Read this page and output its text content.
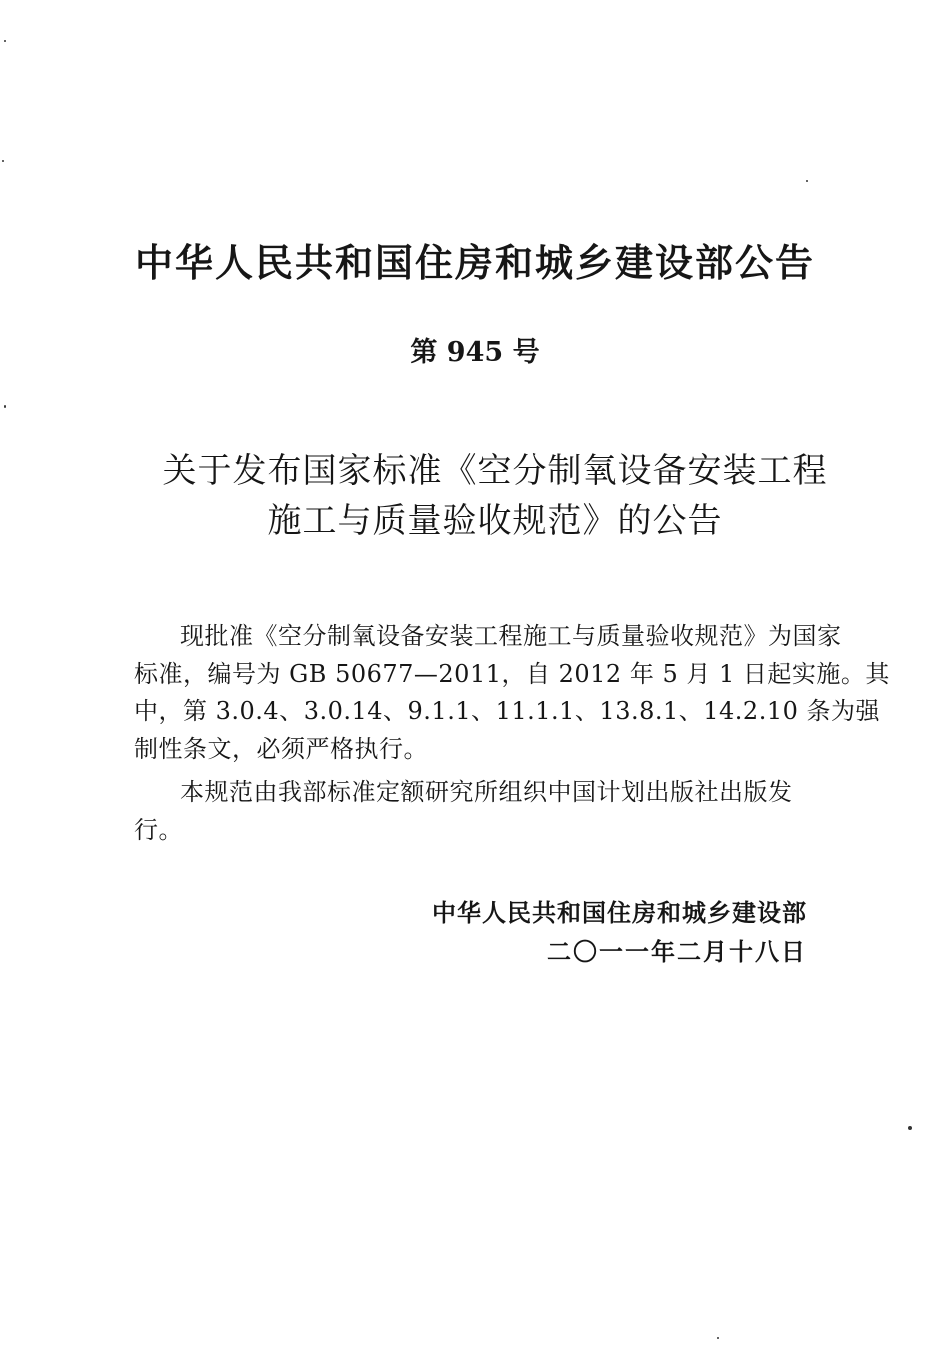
中华人民共和国住房和城乡建设部公告
第 945 号
关于发布国家标准《空分制氧设备安装工程
施工与质量验收规范》的公告
现批准《空分制氧设备安装工程施工与质量验收规范》为国家
标准，编号为 GB 50677—2011，自 2012 年 5 月 1 日起实施。其
中，第 3.0.4、3.0.14、9.1.1、11.1.1、13.8.1、14.2.10 条为强
制性条文，必须严格执行。
本规范由我部标准定额研究所组织中国计划出版社出版发
行。
中华人民共和国住房和城乡建设部
二〇一一年二月十八日
